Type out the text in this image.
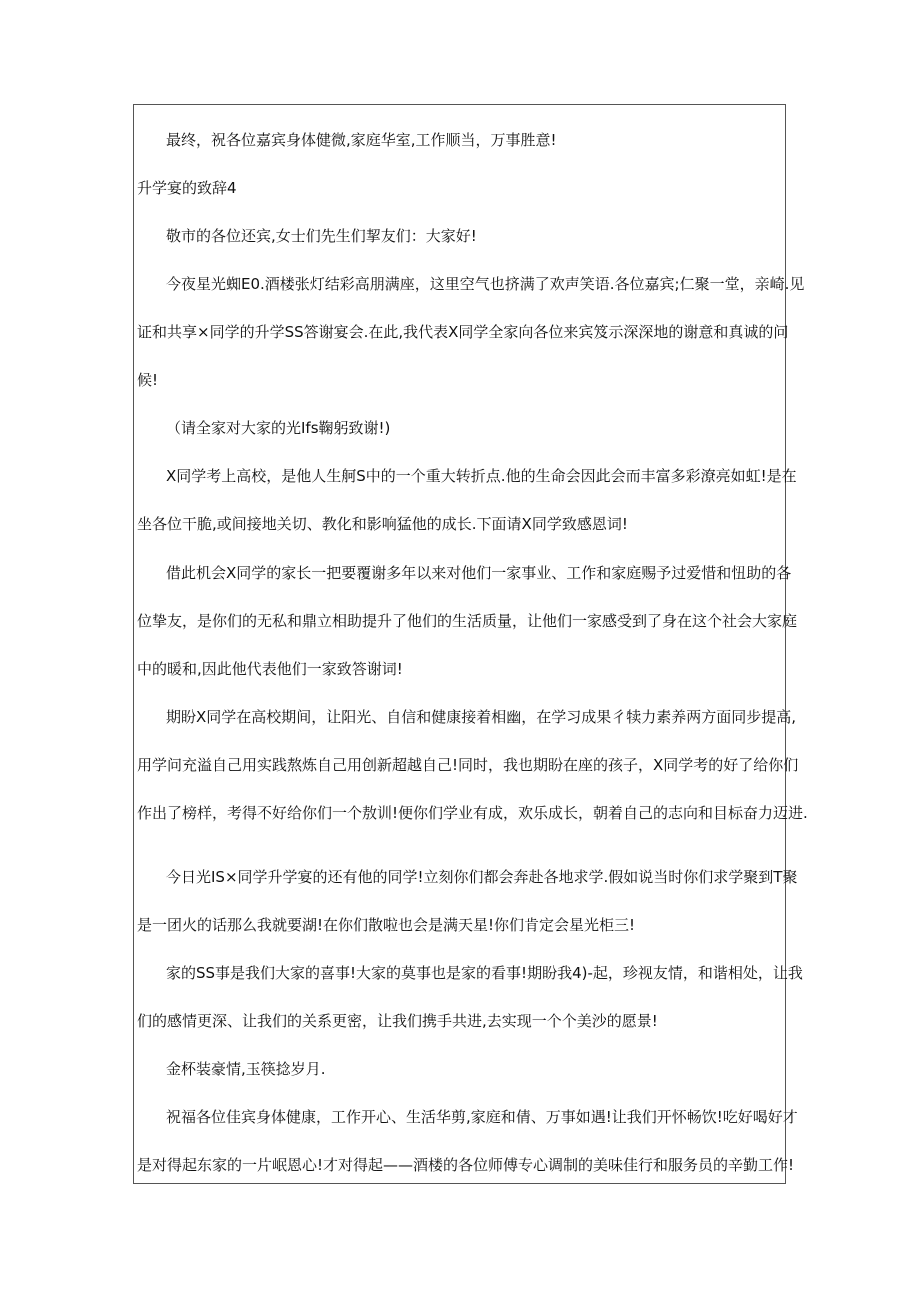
最终，祝各位嘉宾身体健微,家庭华室,工作顺当，万事胜意!
升学宴的致辞4
敬市的各位还宾,女士们先生们挈友们：大家好!
今夜星光蜘E0.酒楼张灯结彩高朋满座，这里空气也挤满了欢声笑语.各位嘉宾;仁聚一堂，亲崎.见
证和共享×同学的升学SS答谢宴会.在此,我代表X同学全家向各位来宾笈示深深地的谢意和真诚的问
候!
（请全家对大家的光Ifs鞠躬致谢!)
X同学考上高校，是他人生舸S中的一个重大转折点.他的生命会因此会而丰富多彩潦亮如虹!是在
坐各位干脆,或间接地关切、教化和影响猛他的成长.下面请X同学致感恩词!
借此机会X同学的家长一把要覆谢多年以来对他们一家事业、工作和家庭赐予过爱惜和忸助的各
位挚友，是你们的无私和鼎立相助提升了他们的生活质量，让他们一家感受到了身在这个社会大家庭
中的暖和,因此他代表他们一家致答谢词!
期盼X同学在高校期间，让阳光、自信和健康接着相幽，在学习成果彳犊力素养两方面同步提高,
用学问充溢自己用实践熬炼自己用创新超越自己!同时，我也期盼在座的孩子，X同学考的好了给你们
作出了榜样，考得不好给你们一个敖训!便你们学业有成，欢乐成长，朝着自己的志向和目标奋力迈进.
今日光IS×同学升学宴的还有他的同学!立刻你们都会奔赴各地求学.假如说当时你们求学聚到T聚
是一团火的话那么我就要湖!在你们散啦也会是满天星!你们肯定会星光柜三!
家的SS事是我们大家的喜事!大家的莫事也是家的看事!期盼我4)-起，珍视友情，和谐相处，让我
们的感情更深、让我们的关系更密，让我们携手共进,去实现一个个美沙的愿景!
金杯装豪情,玉筷捻岁月.
祝福各位佳宾身体健康，工作开心、生活华剪,家庭和倩、万事如遇!让我们开怀畅饮!吃好喝好才
是对得起东家的一片岷恩心!才对得起——酒楼的各位师傅专心调制的美味佳行和服务员的辛勤工作!
